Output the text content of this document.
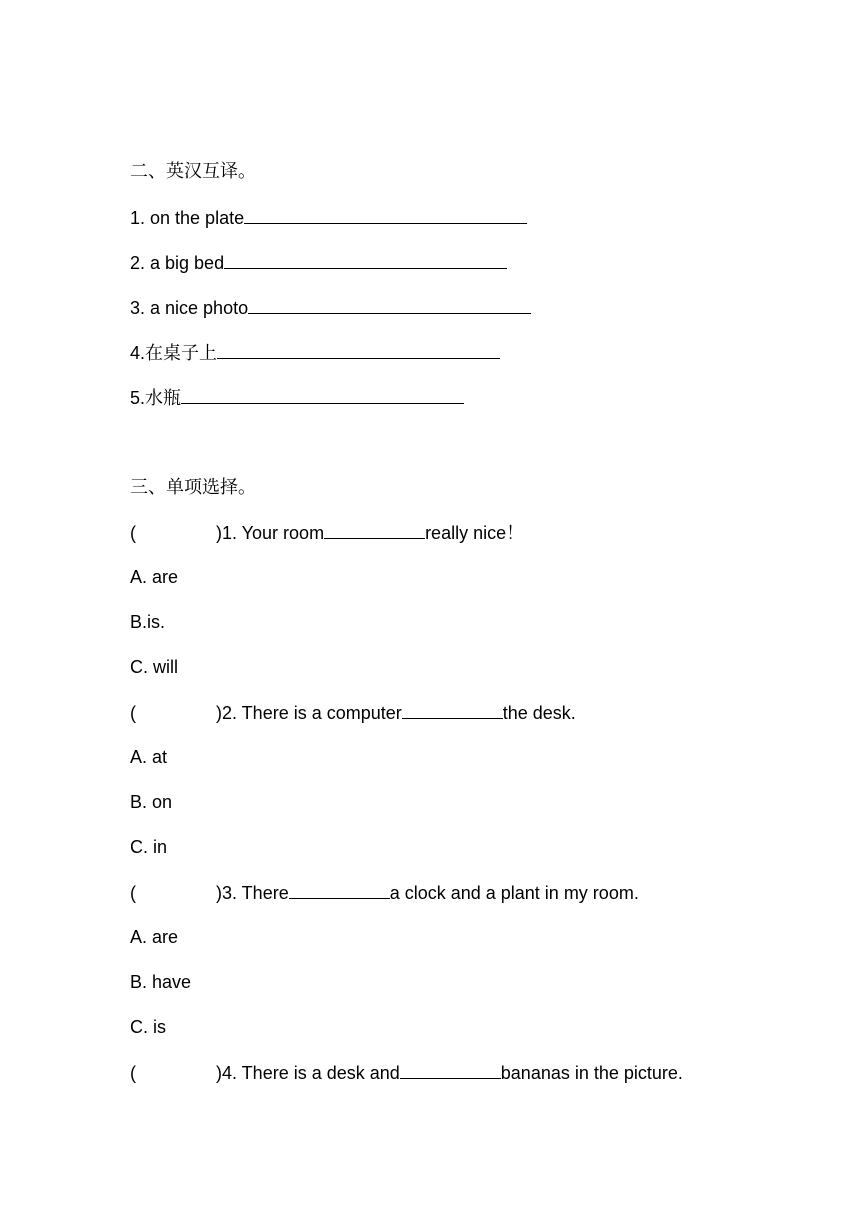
二、英汉互译。
1. on the plate
2. a big bed
3. a nice photo
4.在桌子上
5.水瓶
三、单项选择。
(	)1. Your room	really nice！
A. are
B.is.
C. will
(	)2. There is a computer	the desk.
A. at
B. on
C. in
(	)3. There	a clock and a plant in my room.
A. are
B. have
C. is
(	)4. There is a desk and	bananas in the picture.
